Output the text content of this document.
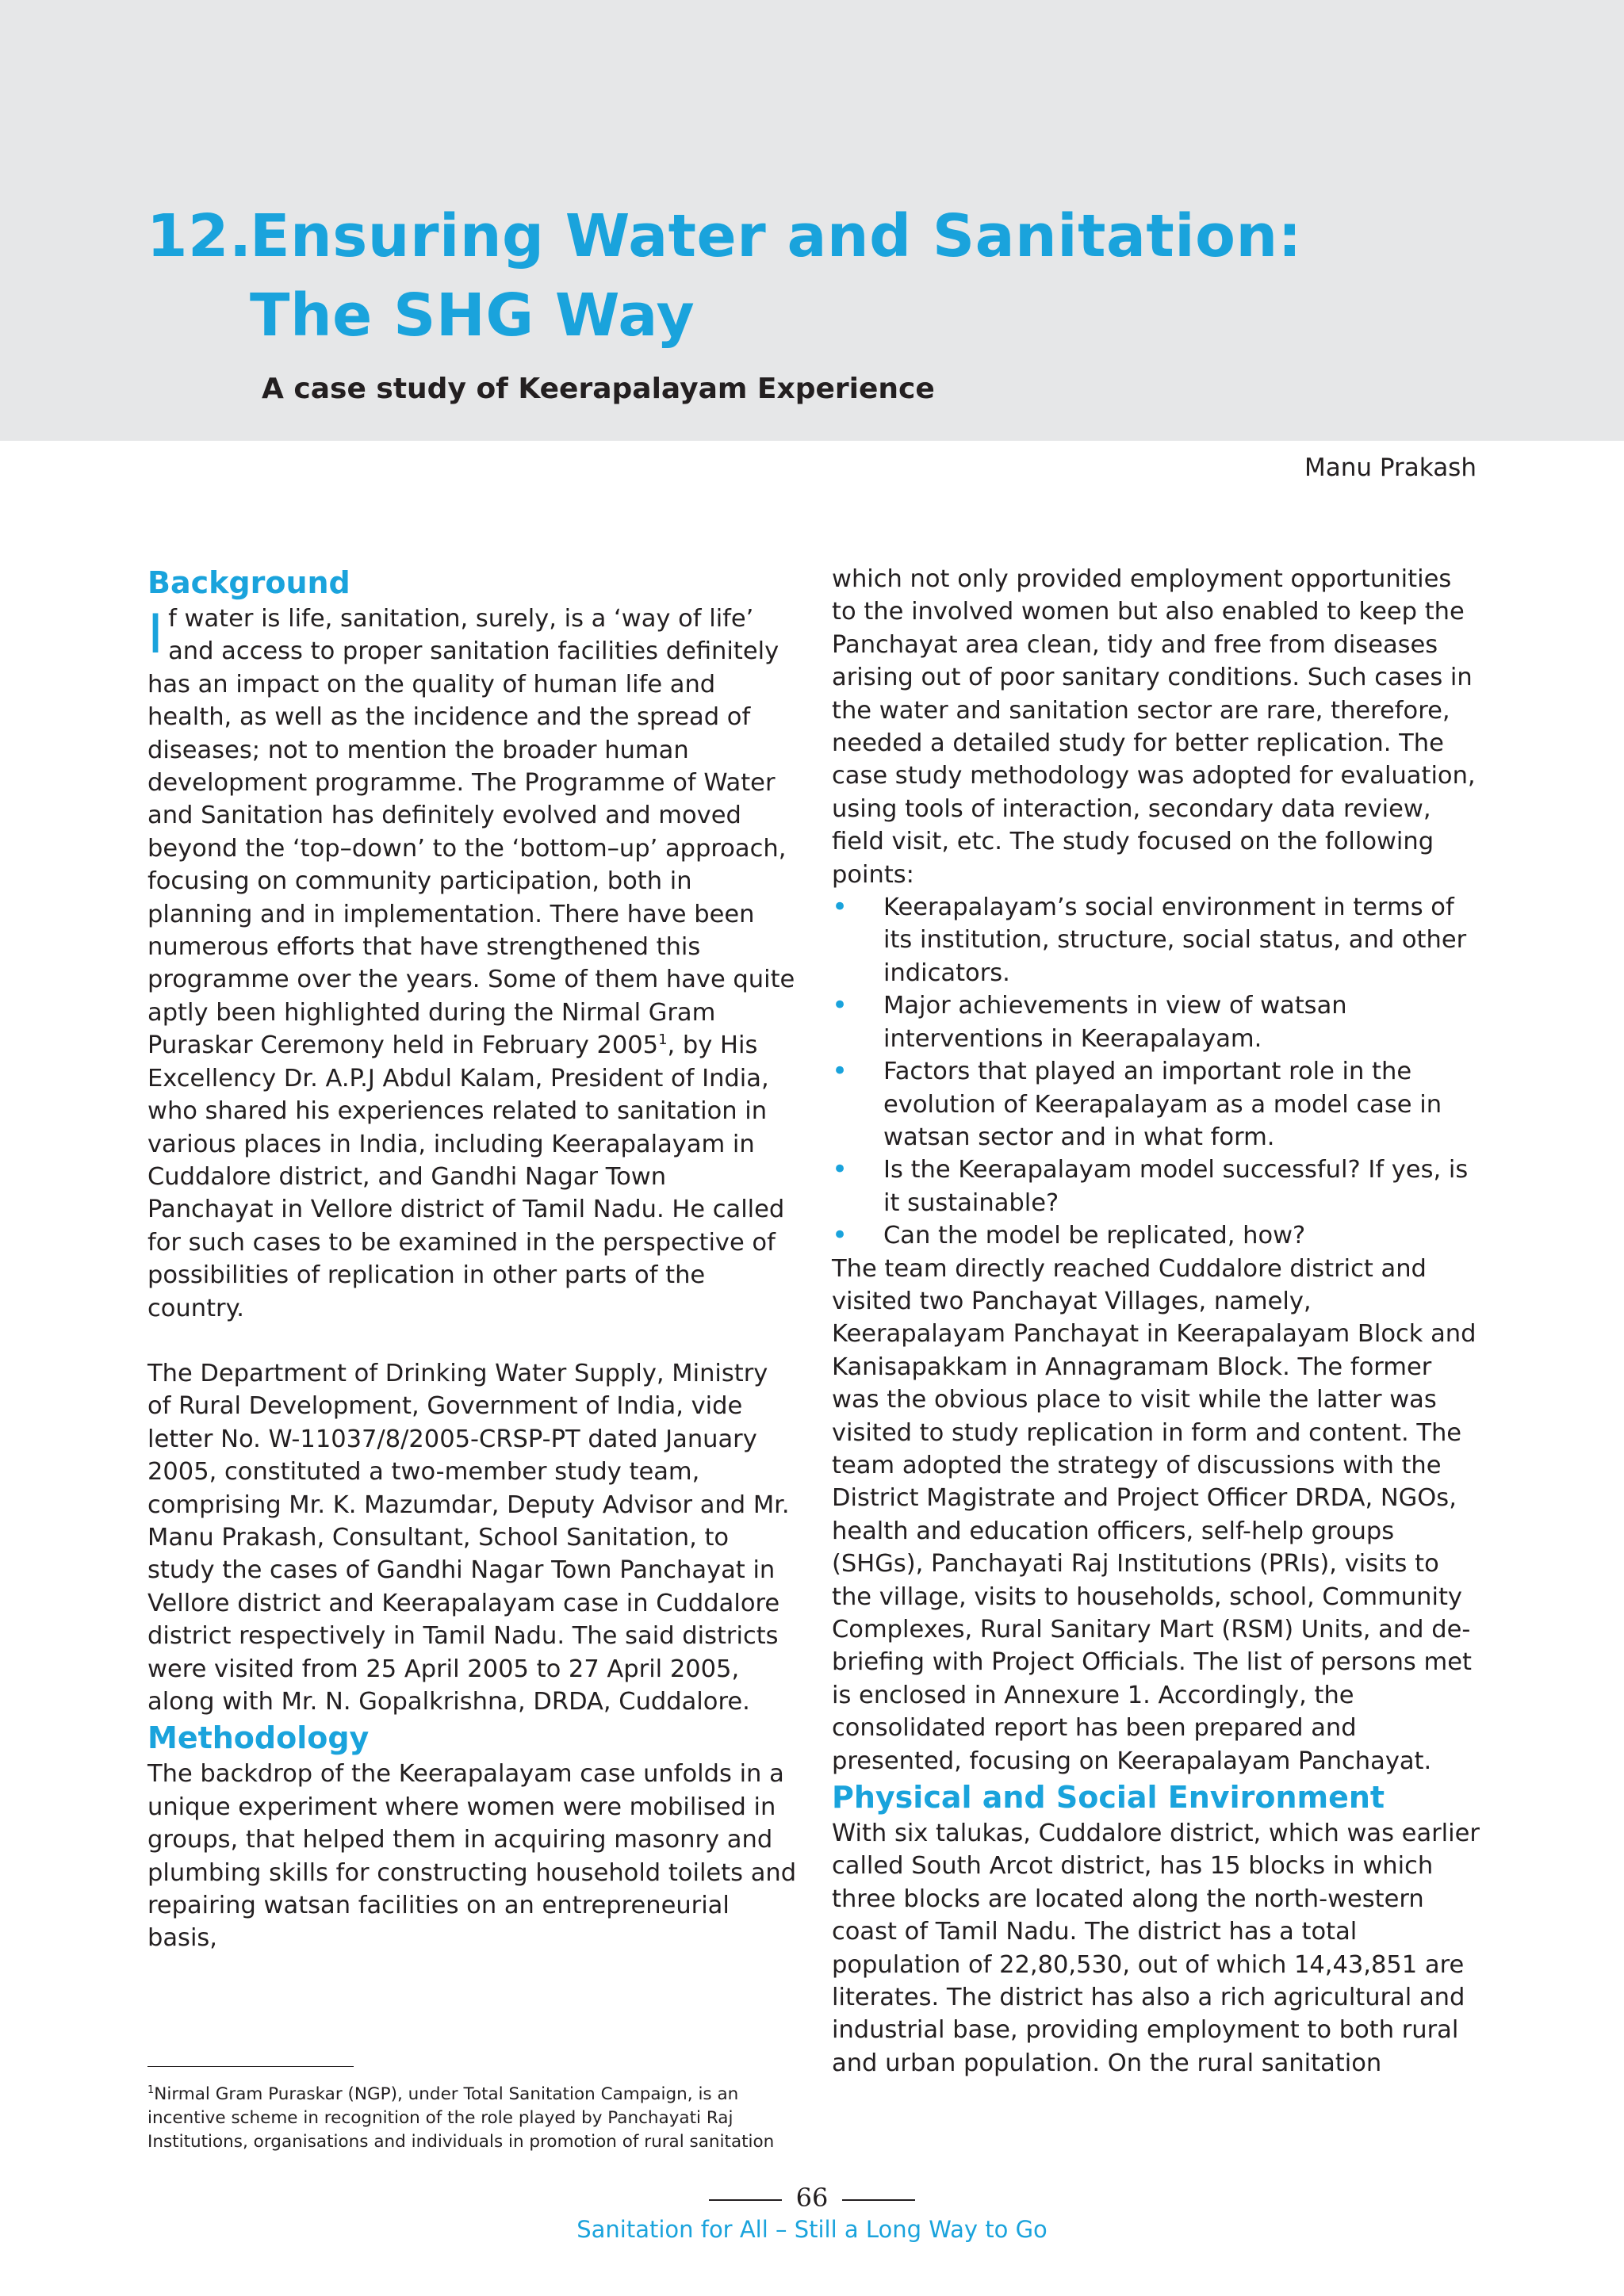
12.Ensuring Water and Sanitation:
The SHG Way
A case study of Keerapalayam Experience
Manu Prakash
Background

If water is life, sanitation, surely, is a ‘way of life’ and access to proper sanitation facilities definitely has an impact on the quality of human life and health, as well as the incidence and the spread of diseases; not to mention the broader human development programme. The Programme of Water and Sanitation has definitely evolved and moved beyond the ‘top–down’ to the ‘bottom–up’ approach, focusing on community participation, both in planning and in implementation. There have been numerous efforts that have strengthened this programme over the years. Some of them have quite aptly been highlighted during the Nirmal Gram Puraskar Ceremony held in February 2005$^1$, by His Excellency Dr. A.P.J Abdul Kalam, President of India, who shared his experiences related to sanitation in various places in India, including Keerapalayam in Cuddalore district, and Gandhi Nagar Town Panchayat in Vellore district of Tamil Nadu. He called for such cases to be examined in the perspective of possibilities of replication in other parts of the country.

The Department of Drinking Water Supply, Ministry of Rural Development, Government of India, vide letter No. W-11037/8/2005-CRSP-PT dated January 2005, constituted a two-member study team, comprising Mr. K. Mazumdar, Deputy Advisor and Mr. Manu Prakash, Consultant, School Sanitation, to study the cases of Gandhi Nagar Town Panchayat in Vellore district and Keerapalayam case in Cuddalore district respectively in Tamil Nadu. The said districts were visited from 25 April 2005 to 27 April 2005, along with Mr. N. Gopalkrishna, DRDA, Cuddalore.

Methodology

The backdrop of the Keerapalayam case unfolds in a unique experiment where women were mobilised in groups, that helped them in acquiring masonry and plumbing skills for constructing household toilets and repairing watsan facilities on an entrepreneurial basis,

which not only provided employment opportunities to the involved women but also enabled to keep the Panchayat area clean, tidy and free from diseases arising out of poor sanitary conditions. Such cases in the water and sanitation sector are rare, therefore, needed a detailed study for better replication. The case study methodology was adopted for evaluation, using tools of interaction, secondary data review, field visit, etc. The study focused on the following points:

• Keerapalayam’s social environment in terms of its institution, structure, social status, and other indicators.
• Major achievements in view of watsan interventions in Keerapalayam.
• Factors that played an important role in the evolution of Keerapalayam as a model case in watsan sector and in what form.
• Is the Keerapalayam model successful? If yes, is it sustainable?
• Can the model be replicated, how?

The team directly reached Cuddalore district and visited two Panchayat Villages, namely, Keerapalayam Panchayat in Keerapalayam Block and Kanisapakkam in Annagramam Block. The former was the obvious place to visit while the latter was visited to study replication in form and content. The team adopted the strategy of discussions with the District Magistrate and Project Officer DRDA, NGOs, health and education officers, self-help groups (SHGs), Panchayati Raj Institutions (PRIs), visits to the village, visits to households, school, Community Complexes, Rural Sanitary Mart (RSM) Units, and de-briefing with Project Officials. The list of persons met is enclosed in Annexure 1. Accordingly, the consolidated report has been prepared and presented, focusing on Keerapalayam Panchayat.

Physical and Social Environment

With six talukas, Cuddalore district, which was earlier called South Arcot district, has 15 blocks in which three blocks are located along the north-western coast of Tamil Nadu. The district has a total population of 22,80,530, out of which 14,43,851 are literates. The district has also a rich agricultural and industrial base, providing employment to both rural and urban population. On the rural sanitation

$^1$Nirmal Gram Puraskar (NGP), under Total Sanitation Campaign, is an incentive scheme in recognition of the role played by Panchayati Raj Institutions, organisations and individuals in promotion of rural sanitation
66
Sanitation for All – Still a Long Way to Go
